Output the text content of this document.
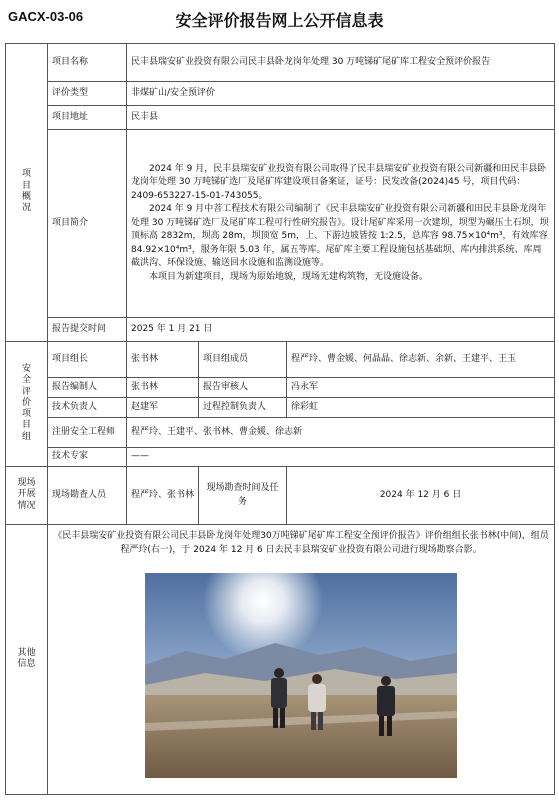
GACX-03-06	安全评价报告网上公开信息表
项目概况	项目名称	民丰县瑞安矿业投资有限公司民丰县卧龙岗年处理 30 万吨锑矿尾矿库工程安全预评价报告		
	评价类型	非煤矿山/安全预评价		
	项目地址	民丰县		
	项目简介	2024 年 9 月，民丰县瑞安矿业投资有限公司取得了民丰县瑞安矿业投资有限公司新疆和田民丰县卧龙岗年处理 30 万吨锑矿选厂及尾矿库建设项目备案证，证号：民发改备(2024)45 号，项目代码：2409-653227-15-01-743055。

2024 年 9 月中菩工程技术有限公司编制了《民丰县瑞安矿业投资有限公司新疆和田民丰县卧龙岗年处理 30 万吨锑矿选厂及尾矿库工程可行性研究报告》。设计尾矿库采用一次建坝，坝型为碾压土石坝，坝顶标高 2832m，坝高 28m，坝顶宽 5m，上、下游边坡皆按 1:2.5，总库容 98.75×10⁴m³，有效库容 84.92×10⁴m³，服务年限 5.03 年，属五等库。尾矿库主要工程设施包括基础坝、库内排洪系统、库周截洪沟、环保设施、输送回水设施和监测设施等。

本项目为新建项目，现场为原始地貌，现场无建构筑物，无设施设备。		

	报告提交时间	2025 年 1 月 21 日		
安全评价项目组	项目组长	张书林	项目组成员	程严玲、曹金媛、何晶晶、徐志新、余新、王建平、王玉
	报告编制人	张书林	报告审核人	冯永军
	技术负责人	赵建军	过程控制负责人	徐彩虹
	注册安全工程师	程严玲、王建平、张书林、曹金媛、徐志新		
	技术专家	——		
现场开展情况	现场勘查人员	程严玲、张书林	现场勘查时间及任务	2024 年 12 月 6 日
其他信息	《民丰县瑞安矿业投资有限公司民丰县卧龙岗年处理30万吨锑矿尾矿库工程安全预评价报告》评价组组长张书林(中间)，组员程严玲(右一)，于 2024 年 12 月 6 日去民丰县瑞安矿业投资有限公司进行现场勘察合影。			
